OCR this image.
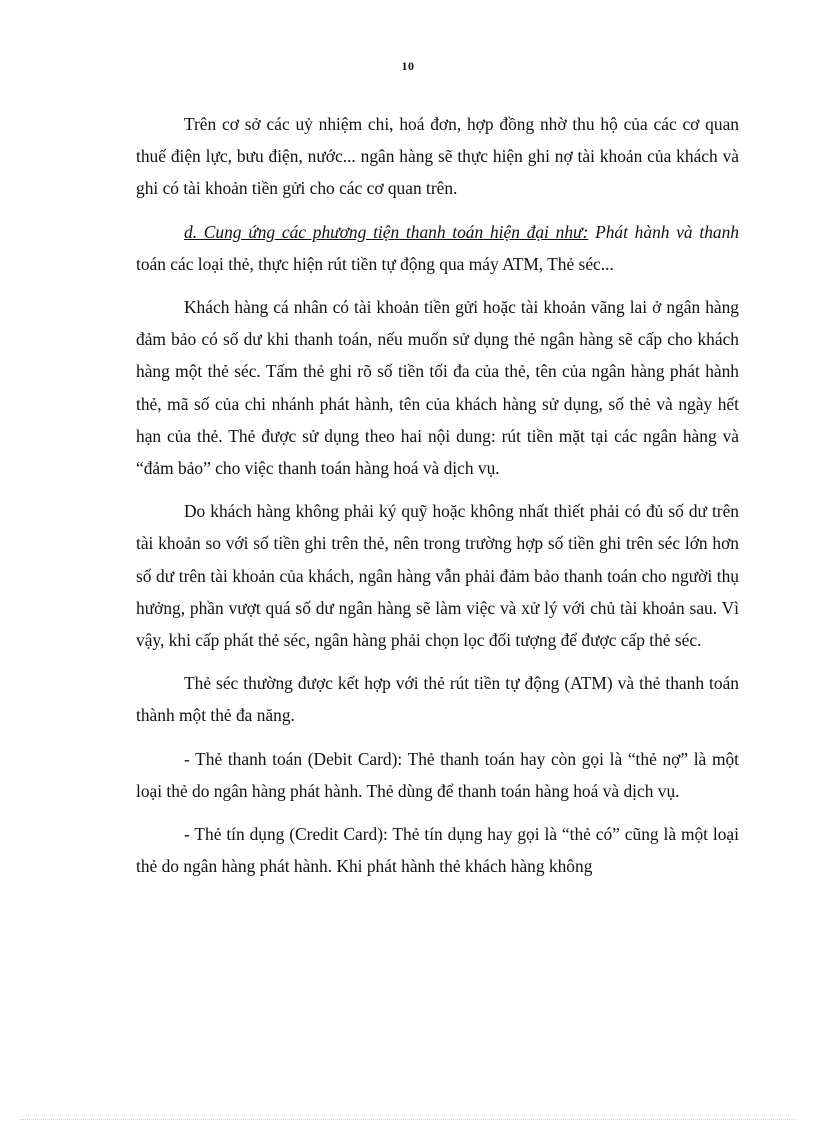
10

Trên cơ sở các uỷ nhiệm chi, hoá đơn, hợp đồng nhờ thu hộ của các cơ quan thuế điện lực, bưu điện, nước... ngân hàng sẽ thực hiện ghi nợ tài khoản của khách và ghi có tài khoản tiền gửi cho các cơ quan trên.

d. Cung ứng các phương tiện thanh toán hiện đại như: Phát hành và thanh toán các loại thẻ, thực hiện rút tiền tự động qua máy ATM, Thẻ séc...

Khách hàng cá nhân có tài khoản tiền gửi hoặc tài khoản vãng lai ở ngân hàng đảm bảo có số dư khi thanh toán, nếu muốn sử dụng thẻ ngân hàng sẽ cấp cho khách hàng một thẻ séc. Tấm thẻ ghi rõ số tiền tối đa của thẻ, tên của ngân hàng phát hành thẻ, mã số của chi nhánh phát hành, tên của khách hàng sử dụng, số thẻ và ngày hết hạn của thẻ. Thẻ được sử dụng theo hai nội dung: rút tiền mặt tại các ngân hàng và “đảm bảo” cho việc thanh toán hàng hoá và dịch vụ.

Do khách hàng không phải ký quỹ hoặc không nhất thiết phải có đủ số dư trên tài khoản so với số tiền ghi trên thẻ, nên trong trường hợp số tiền ghi trên séc lớn hơn số dư trên tài khoản của khách, ngân hàng vẫn phải đảm bảo thanh toán cho người thụ hưởng, phần vượt quá số dư ngân hàng sẽ làm việc và xử lý với chủ tài khoản sau. Vì vậy, khi cấp phát thẻ séc, ngân hàng phải chọn lọc đối tượng để được cấp thẻ séc.

Thẻ séc thường được kết hợp với thẻ rút tiền tự động (ATM) và thẻ thanh toán thành một thẻ đa năng.

- Thẻ thanh toán (Debit Card): Thẻ thanh toán hay còn gọi là “thẻ nợ” là một loại thẻ do ngân hàng phát hành. Thẻ dùng để thanh toán hàng hoá và dịch vụ.

- Thẻ tín dụng (Credit Card): Thẻ tín dụng hay gọi là “thẻ có” cũng là một loại thẻ do ngân hàng phát hành. Khi phát hành thẻ khách hàng không
